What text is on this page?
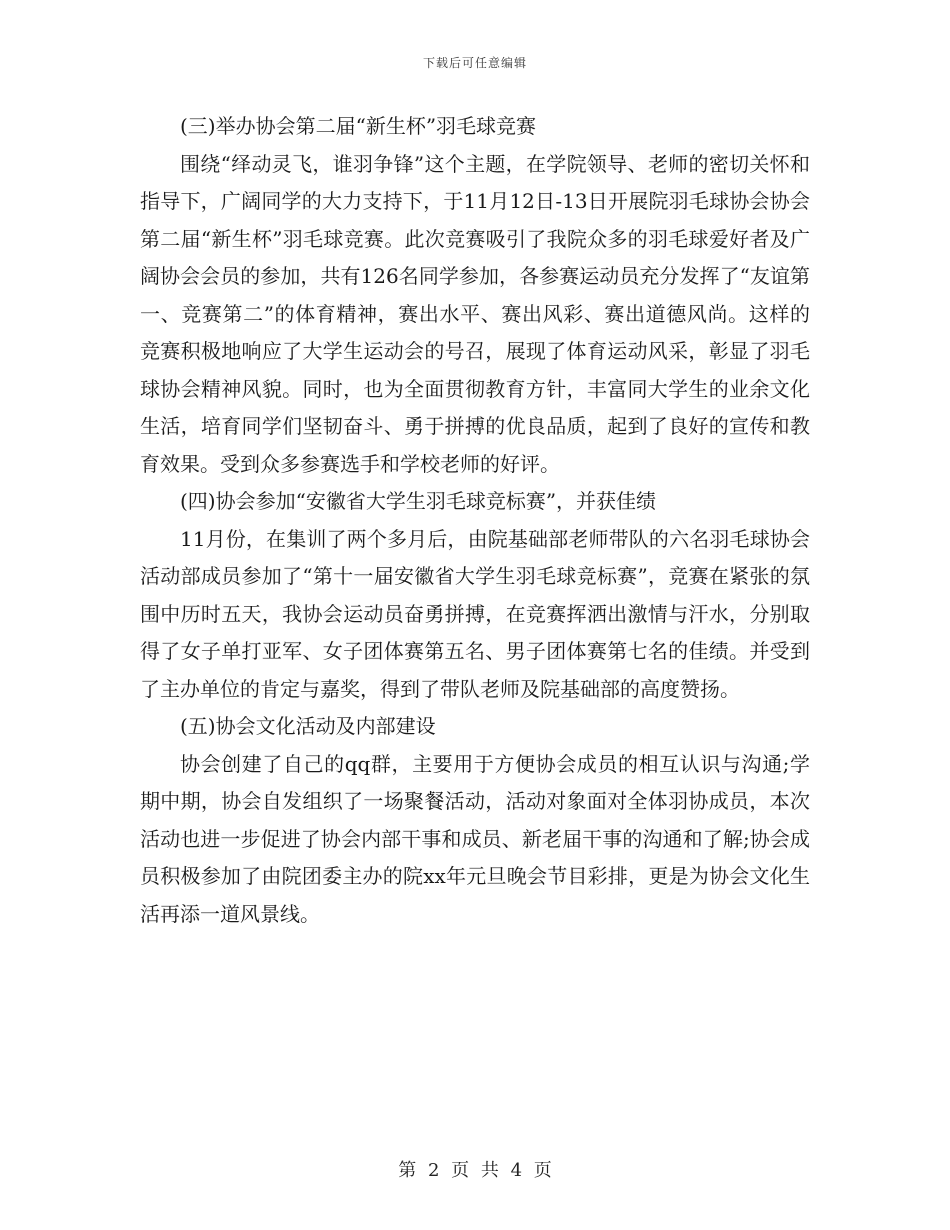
下载后可任意编辑

(三)举办协会第二届“新生杯”羽毛球竞赛

围绕“绎动灵飞，谁羽争锋”这个主题，在学院领导、老师的密切关怀和指导下，广阔同学的大力支持下，于11月12日-13日开展院羽毛球协会协会第二届“新生杯”羽毛球竞赛。此次竞赛吸引了我院众多的羽毛球爱好者及广阔协会会员的参加，共有126名同学参加，各参赛运动员充分发挥了“友谊第一、竞赛第二”的体育精神，赛出水平、赛出风彩、赛出道德风尚。这样的竞赛积极地响应了大学生运动会的号召，展现了体育运动风采，彰显了羽毛球协会精神风貌。同时，也为全面贯彻教育方针，丰富同大学生的业余文化生活，培育同学们坚韧奋斗、勇于拼搏的优良品质，起到了良好的宣传和教育效果。受到众多参赛选手和学校老师的好评。

(四)协会参加“安徽省大学生羽毛球竞标赛”，并获佳绩

11月份，在集训了两个多月后，由院基础部老师带队的六名羽毛球协会活动部成员参加了“第十一届安徽省大学生羽毛球竞标赛”，竞赛在紧张的氛围中历时五天，我协会运动员奋勇拼搏，在竞赛挥洒出激情与汗水，分别取得了女子单打亚军、女子团体赛第五名、男子团体赛第七名的佳绩。并受到了主办单位的肯定与嘉奖，得到了带队老师及院基础部的高度赞扬。

(五)协会文化活动及内部建设

协会创建了自己的qq群，主要用于方便协会成员的相互认识与沟通;学期中期，协会自发组织了一场聚餐活动，活动对象面对全体羽协成员，本次活动也进一步促进了协会内部干事和成员、新老届干事的沟通和了解;协会成员积极参加了由院团委主办的院xx年元旦晚会节目彩排，更是为协会文化生活再添一道风景线。

第 2 页 共 4 页
